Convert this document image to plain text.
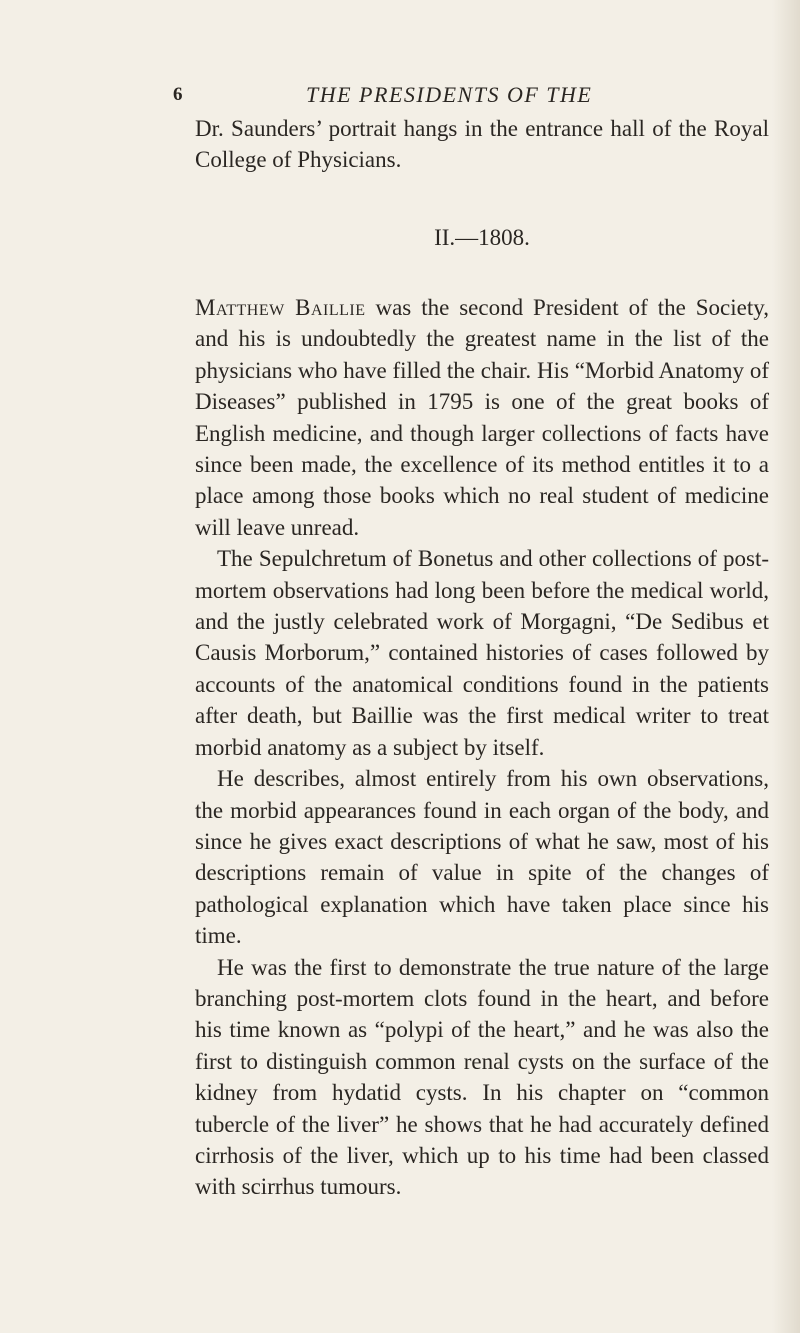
6	THE PRESIDENTS OF THE

Dr. Saunders’ portrait hangs in the entrance hall of the Royal College of Physicians.

II.—1808.

Matthew Baillie was the second President of the Society, and his is undoubtedly the greatest name in the list of the physicians who have filled the chair. His “Morbid Anatomy of Diseases” published in 1795 is one of the great books of English medicine, and though larger collections of facts have since been made, the excellence of its method entitles it to a place among those books which no real student of medicine will leave unread.

The Sepulchretum of Bonetus and other collections of post-mortem observations had long been before the medical world, and the justly celebrated work of Morgagni, “De Sedibus et Causis Morborum,” contained histories of cases followed by accounts of the anatomical conditions found in the patients after death, but Baillie was the first medical writer to treat morbid anatomy as a subject by itself.

He describes, almost entirely from his own observations, the morbid appearances found in each organ of the body, and since he gives exact descriptions of what he saw, most of his descriptions remain of value in spite of the changes of pathological explanation which have taken place since his time.

He was the first to demonstrate the true nature of the large branching post-mortem clots found in the heart, and before his time known as “polypi of the heart,” and he was also the first to distinguish common renal cysts on the surface of the kidney from hydatid cysts. In his chapter on “common tubercle of the liver” he shows that he had accurately defined cirrhosis of the liver, which up to his time had been classed with scirrhus tumours.
